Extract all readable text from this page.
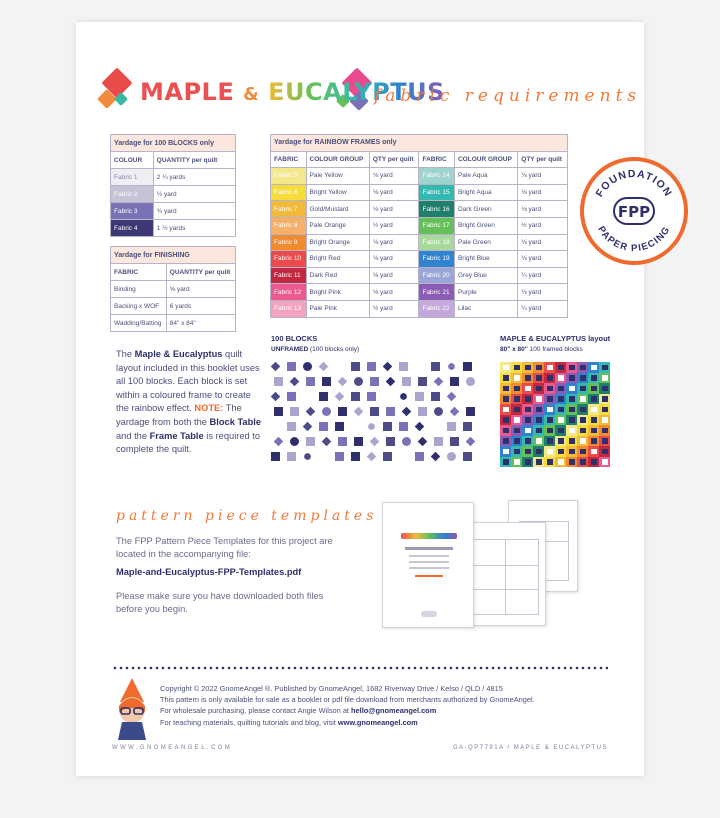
MAPLE & EUCALYPTUS
fabric requirements
Yardage for 100 BLOCKS only	
COLOUR	QUANTITY per quilt
Fabric 1	2 ¼ yards
Fabric 2	½ yard
Fabric 3	¾ yard
Fabric 4	1 ½ yards
Yardage for FINISHING	
FABRIC	QUANTITY per quilt
Binding	⅝ yard
Backing x WOF	6 yards
Wadding/Batting	84" x 84"
Yardage for RAINBOW FRAMES only					
FABRIC	COLOUR GROUP	QTY per quilt	FABRIC	COLOUR GROUP	QTY per quilt
Fabric 5	Pale Yellow	⅛ yard	Fabric 14	Pale Aqua	⅛ yard
Fabric 6	Bright Yellow	⅛ yard	Fabric 15	Bright Aqua	⅛ yard
Fabric 7	Gold/Mustard	⅛ yard	Fabric 16	Dark Green	⅛ yard
Fabric 8	Pale Orange	½ yard	Fabric 17	Bright Green	½ yard
Fabric 9	Bright Orange	⅛ yard	Fabric 18	Pale Green	⅛ yard
Fabric 10	Bright Red	⅛ yard	Fabric 19	Bright Blue	⅛ yard
Fabric 11	Dark Red	⅛ yard	Fabric 20	Grey Blue	¼ yard
Fabric 12	Bright Pink	⅛ yard	Fabric 21	Purple	⅛ yard
Fabric 13	Pale Pink	½ yard	Fabric 22	Lilac	¼ yard
FOUNDATION
PAPER PIECING
FPP
The Maple & Eucalyptus quilt layout included in this booklet uses all 100 blocks. Each block is set within a coloured frame to create the rainbow effect. NOTE: The yardage from both the Block Table and the Frame Table is required to complete the quilt.
100 BLOCKS
UNFRAMED (100 blocks only)
MAPLE & EUCALYPTUS layout
80" x 80" 100 framed blocks
pattern piece templates
The FPP Pattern Piece Templates for this project are located in the accompanying file:
Maple-and-Eucalyptus-FPP-Templates.pdf
Please make sure you have downloaded both files before you begin.
Copyright © 2022 GnomeAngel ®. Published by GnomeAngel, 1682 Riverway Drive / Kelso / QLD / 4815
This pattern is only available for sale as a booklet or pdf file download from merchants authorized by GnomeAngel.
For wholesale purchasing, please contact Angie Wilson at hello@gnomeangel.com
For teaching materials, quilting tutorials and blog, visit www.gnomeangel.com
WWW.GNOMEANGEL.COM	GA-QP7791A / MAPLE & EUCALYPTUS
